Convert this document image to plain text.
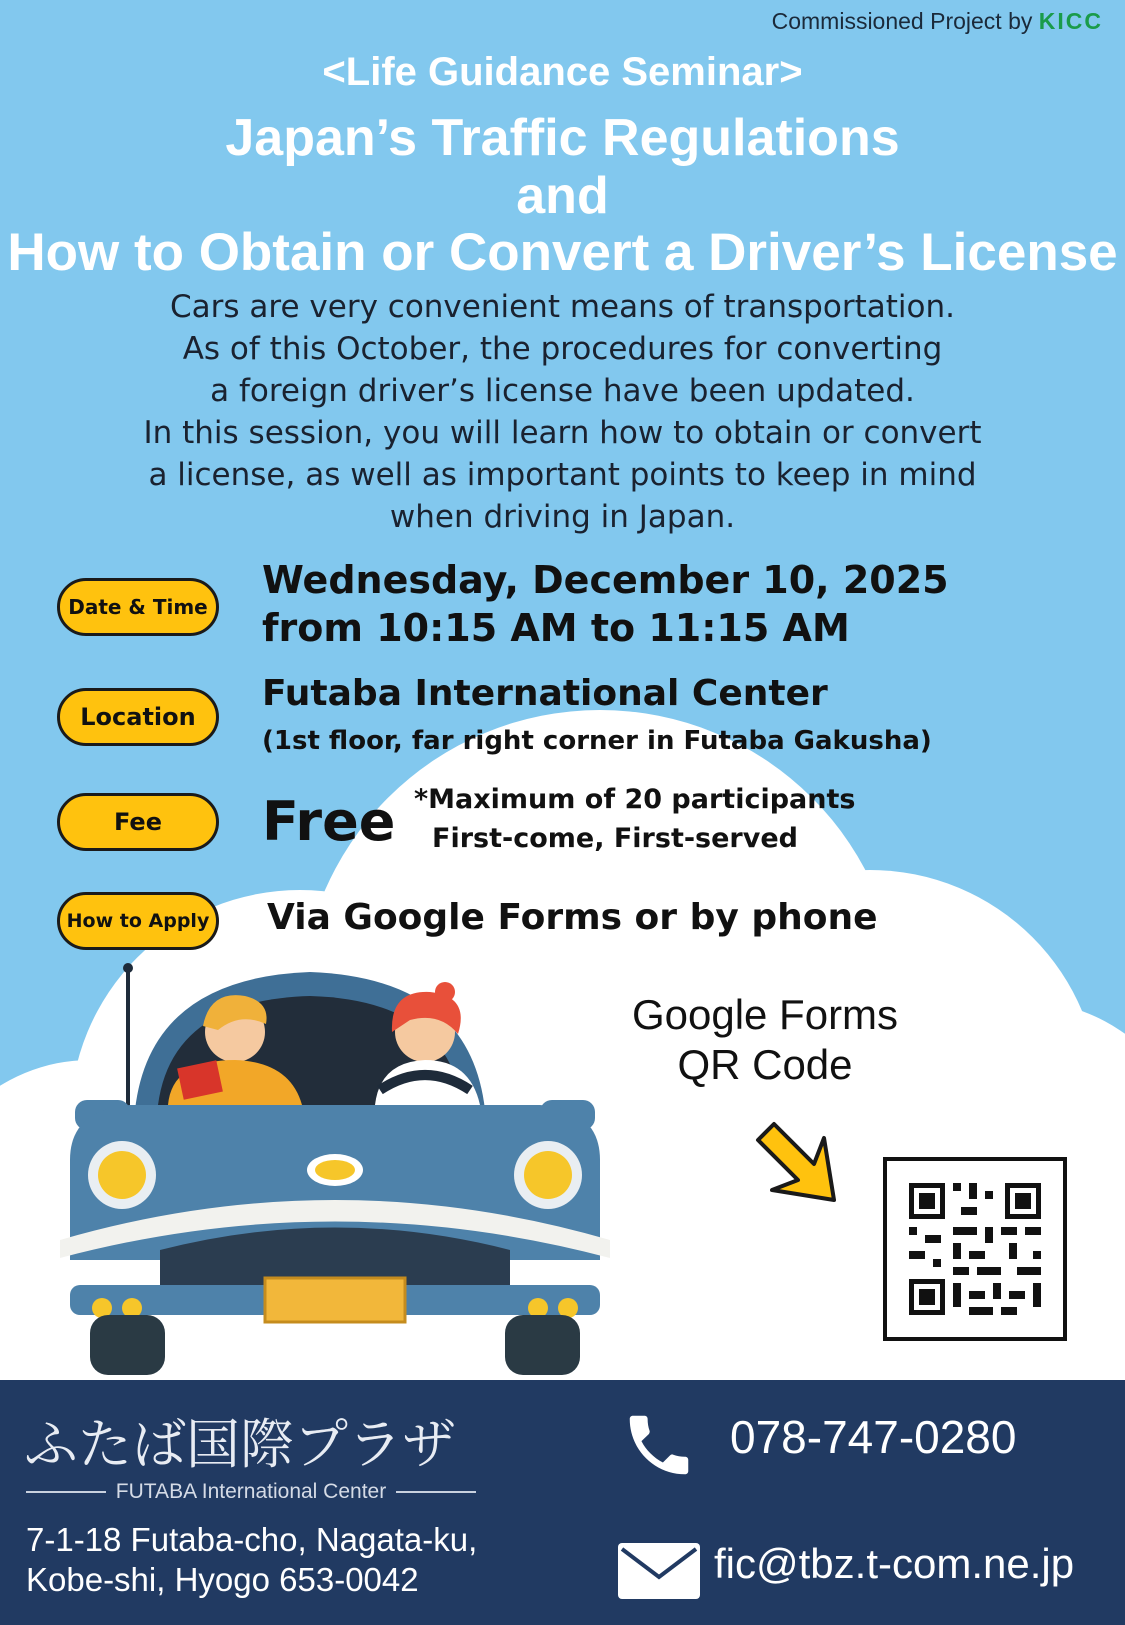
Commissioned Project by KICC
<Life Guidance Seminar>
Japan’s Traffic Regulations
and
How to Obtain or Convert a Driver’s License
Cars are very convenient means of transportation.
As of this October, the procedures for converting
a foreign driver’s license have been updated.
In this session, you will learn how to obtain or convert
a license, as well as important points to keep in mind
when driving in Japan.
Date & Time
Wednesday, December 10, 2025
from 10:15 AM to 11:15 AM
Location
Futaba International Center
(1st floor, far right corner in Futaba Gakusha)
Fee	Free *Maximum of 20 participants
First-come, First-served
How to Apply Via Google Forms or by phone
Google Forms
QR Code
ふたば国際プラザ
FUTABA International Center
7-1-18 Futaba-cho, Nagata-ku,
Kobe-shi, Hyogo 653-0042
078-747-0280
fic@tbz.t-com.ne.jp
